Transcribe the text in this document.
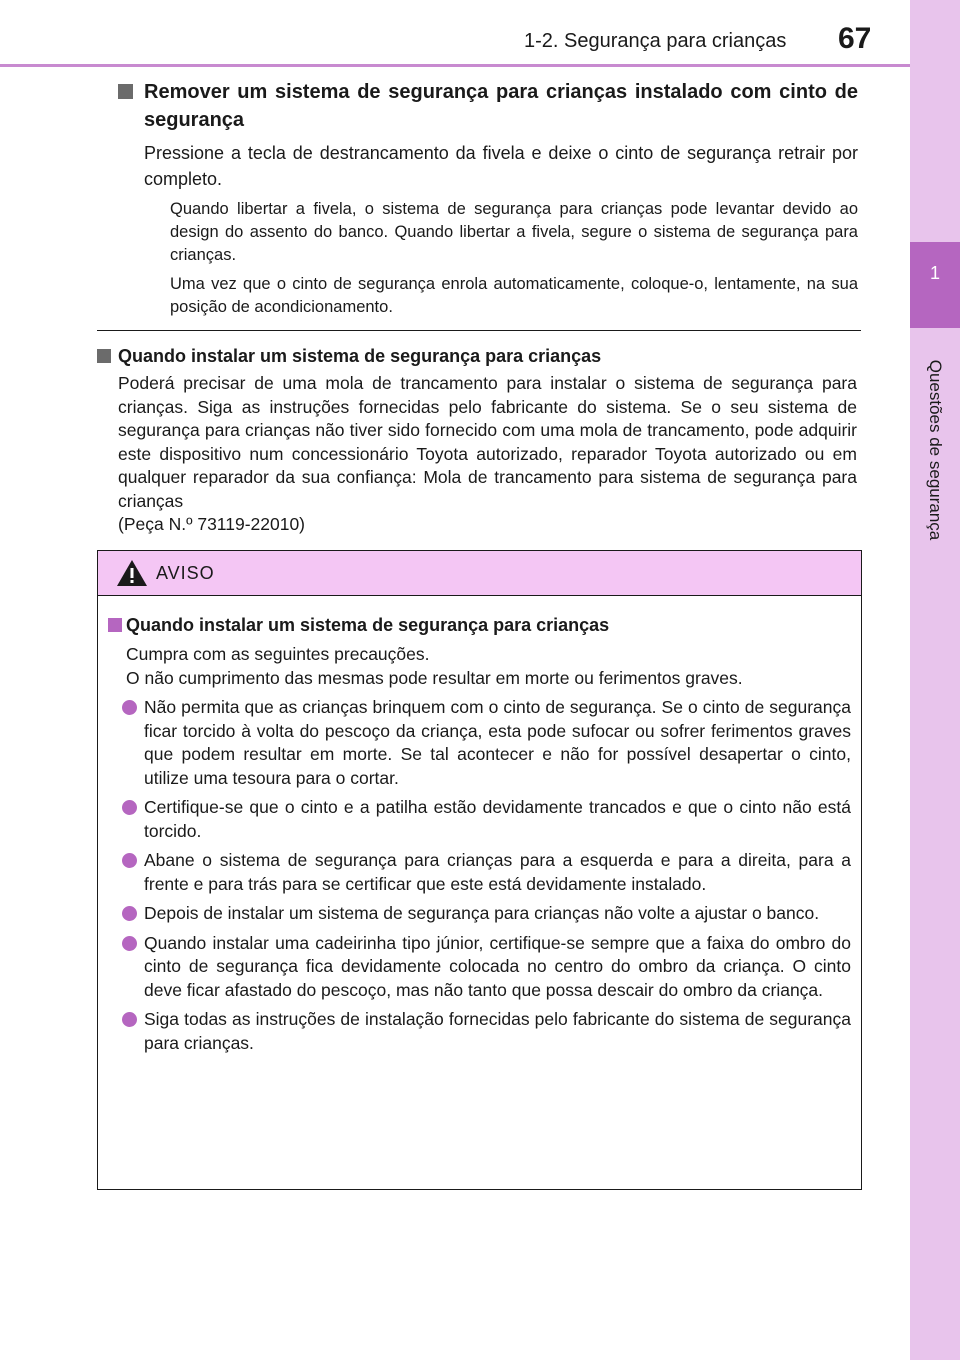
1-2. Segurança para crianças 67
1
Questões de segurança

Remover um sistema de segurança para crianças instalado com cinto de segurança

Pressione a tecla de destrancamento da fivela e deixe o cinto de segurança retrair por completo.

Quando libertar a fivela, o sistema de segurança para crianças pode levantar devido ao design do assento do banco. Quando libertar a fivela, segure o sistema de segurança para crianças.

Uma vez que o cinto de segurança enrola automaticamente, coloque-o, lentamente, na sua posição de acondicionamento.

Quando instalar um sistema de segurança para crianças

Poderá precisar de uma mola de trancamento para instalar o sistema de segurança para crianças. Siga as instruções fornecidas pelo fabricante do sistema. Se o seu sistema de segurança para crianças não tiver sido fornecido com uma mola de trancamento, pode adquirir este dispositivo num concessionário Toyota autorizado, reparador Toyota autorizado ou em qualquer reparador da sua confiança: Mola de trancamento para sistema de segurança para crianças

(Peça N.º 73119-22010)

AVISO

Quando instalar um sistema de segurança para crianças

Cumpra com as seguintes precauções.
O não cumprimento das mesmas pode resultar em morte ou ferimentos graves.

Não permita que as crianças brinquem com o cinto de segurança. Se o cinto de segurança ficar torcido à volta do pescoço da criança, esta pode sufocar ou sofrer ferimentos graves que podem resultar em morte. Se tal acontecer e não for possível desapertar o cinto, utilize uma tesoura para o cortar.
Certifique-se que o cinto e a patilha estão devidamente trancados e que o cinto não está torcido.
Abane o sistema de segurança para crianças para a esquerda e para a direita, para a frente e para trás para se certificar que este está devidamente instalado.
Depois de instalar um sistema de segurança para crianças não volte a ajustar o banco.
Quando instalar uma cadeirinha tipo júnior, certifique-se sempre que a faixa do ombro do cinto de segurança fica devidamente colocada no centro do ombro da criança. O cinto deve ficar afastado do pescoço, mas não tanto que possa descair do ombro da criança.
Siga todas as instruções de instalação fornecidas pelo fabricante do sistema de segurança para crianças.
